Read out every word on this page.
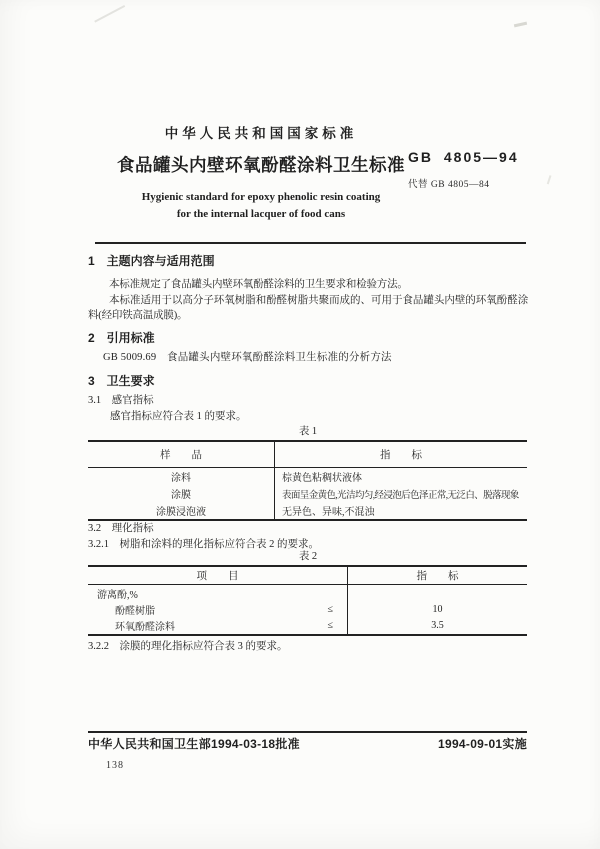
中华人民共和国国家标准
食品罐头内壁环氧酚醛涂料卫生标准
Hygienic standard for epoxy phenolic resin coating
for the internal lacquer of food cans
GB 4805—94
代替 GB 4805—84
1　主题内容与适用范围

本标准规定了食品罐头内壁环氧酚醛涂料的卫生要求和检验方法。

本标准适用于以高分子环氧树脂和酚醛树脂共聚而成的、可用于食品罐头内壁的环氧酚醛涂料(经印铁高温成膜)。

2　引用标准
GB 5009.69　食品罐头内壁环氧酚醛涂料卫生标准的分析方法
3　卫生要求
3.1　感官指标
感官指标应符合表 1 的要求。
表 1
样　　品	指　　标
涂料	棕黄色粘稠状液体
涂膜	表面呈金黄色,光洁均匀,经浸泡后色泽正常,无泛白、脱落现象
涂膜浸泡液	无异色、异味,不混浊
3.2　理化指标
3.2.1　树脂和涂料的理化指标应符合表 2 的要求。
表 2
项　　目	指　　标
游离酚,%
酚醛树脂	≤	10
环氧酚醛涂料	≤	3.5
3.2.2　涂膜的理化指标应符合表 3 的要求。
中华人民共和国卫生部1994-03-18批准	1994-09-01实施
138
